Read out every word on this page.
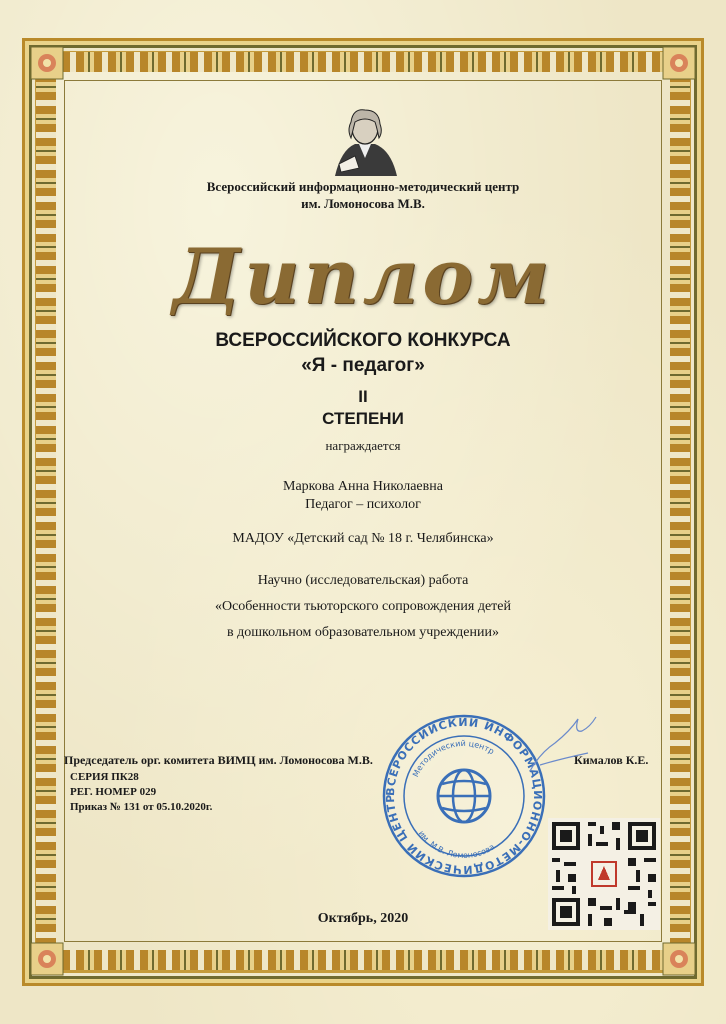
Всероссийский информационно-методический центр
им. Ломоносова М.В.
Диплом
ВСЕРОССИЙСКОГО КОНКУРСА
«Я - педагог»
II
СТЕПЕНИ
награждается
Маркова Анна Николаевна
Педагог – психолог
МАДОУ «Детский сад № 18 г. Челябинска»
Научно (исследовательская) работа
«Особенности тьюторского сопровождения детей
в дошкольном образовательном учреждении»
ВСЕРОССИЙСКИЙ ИНФОРМАЦИОННО-МЕТОДИЧЕСКИЙ ЦЕНТР
Методический центр
им. М.В. Ломоносова
Председатель орг. комитета ВИМЦ им. Ломоносова М.В.	Кималов К.Е.
СЕРИЯ ПК28
РЕГ. НОМЕР 029
Приказ № 131 от 05.10.2020г.
Октябрь, 2020
